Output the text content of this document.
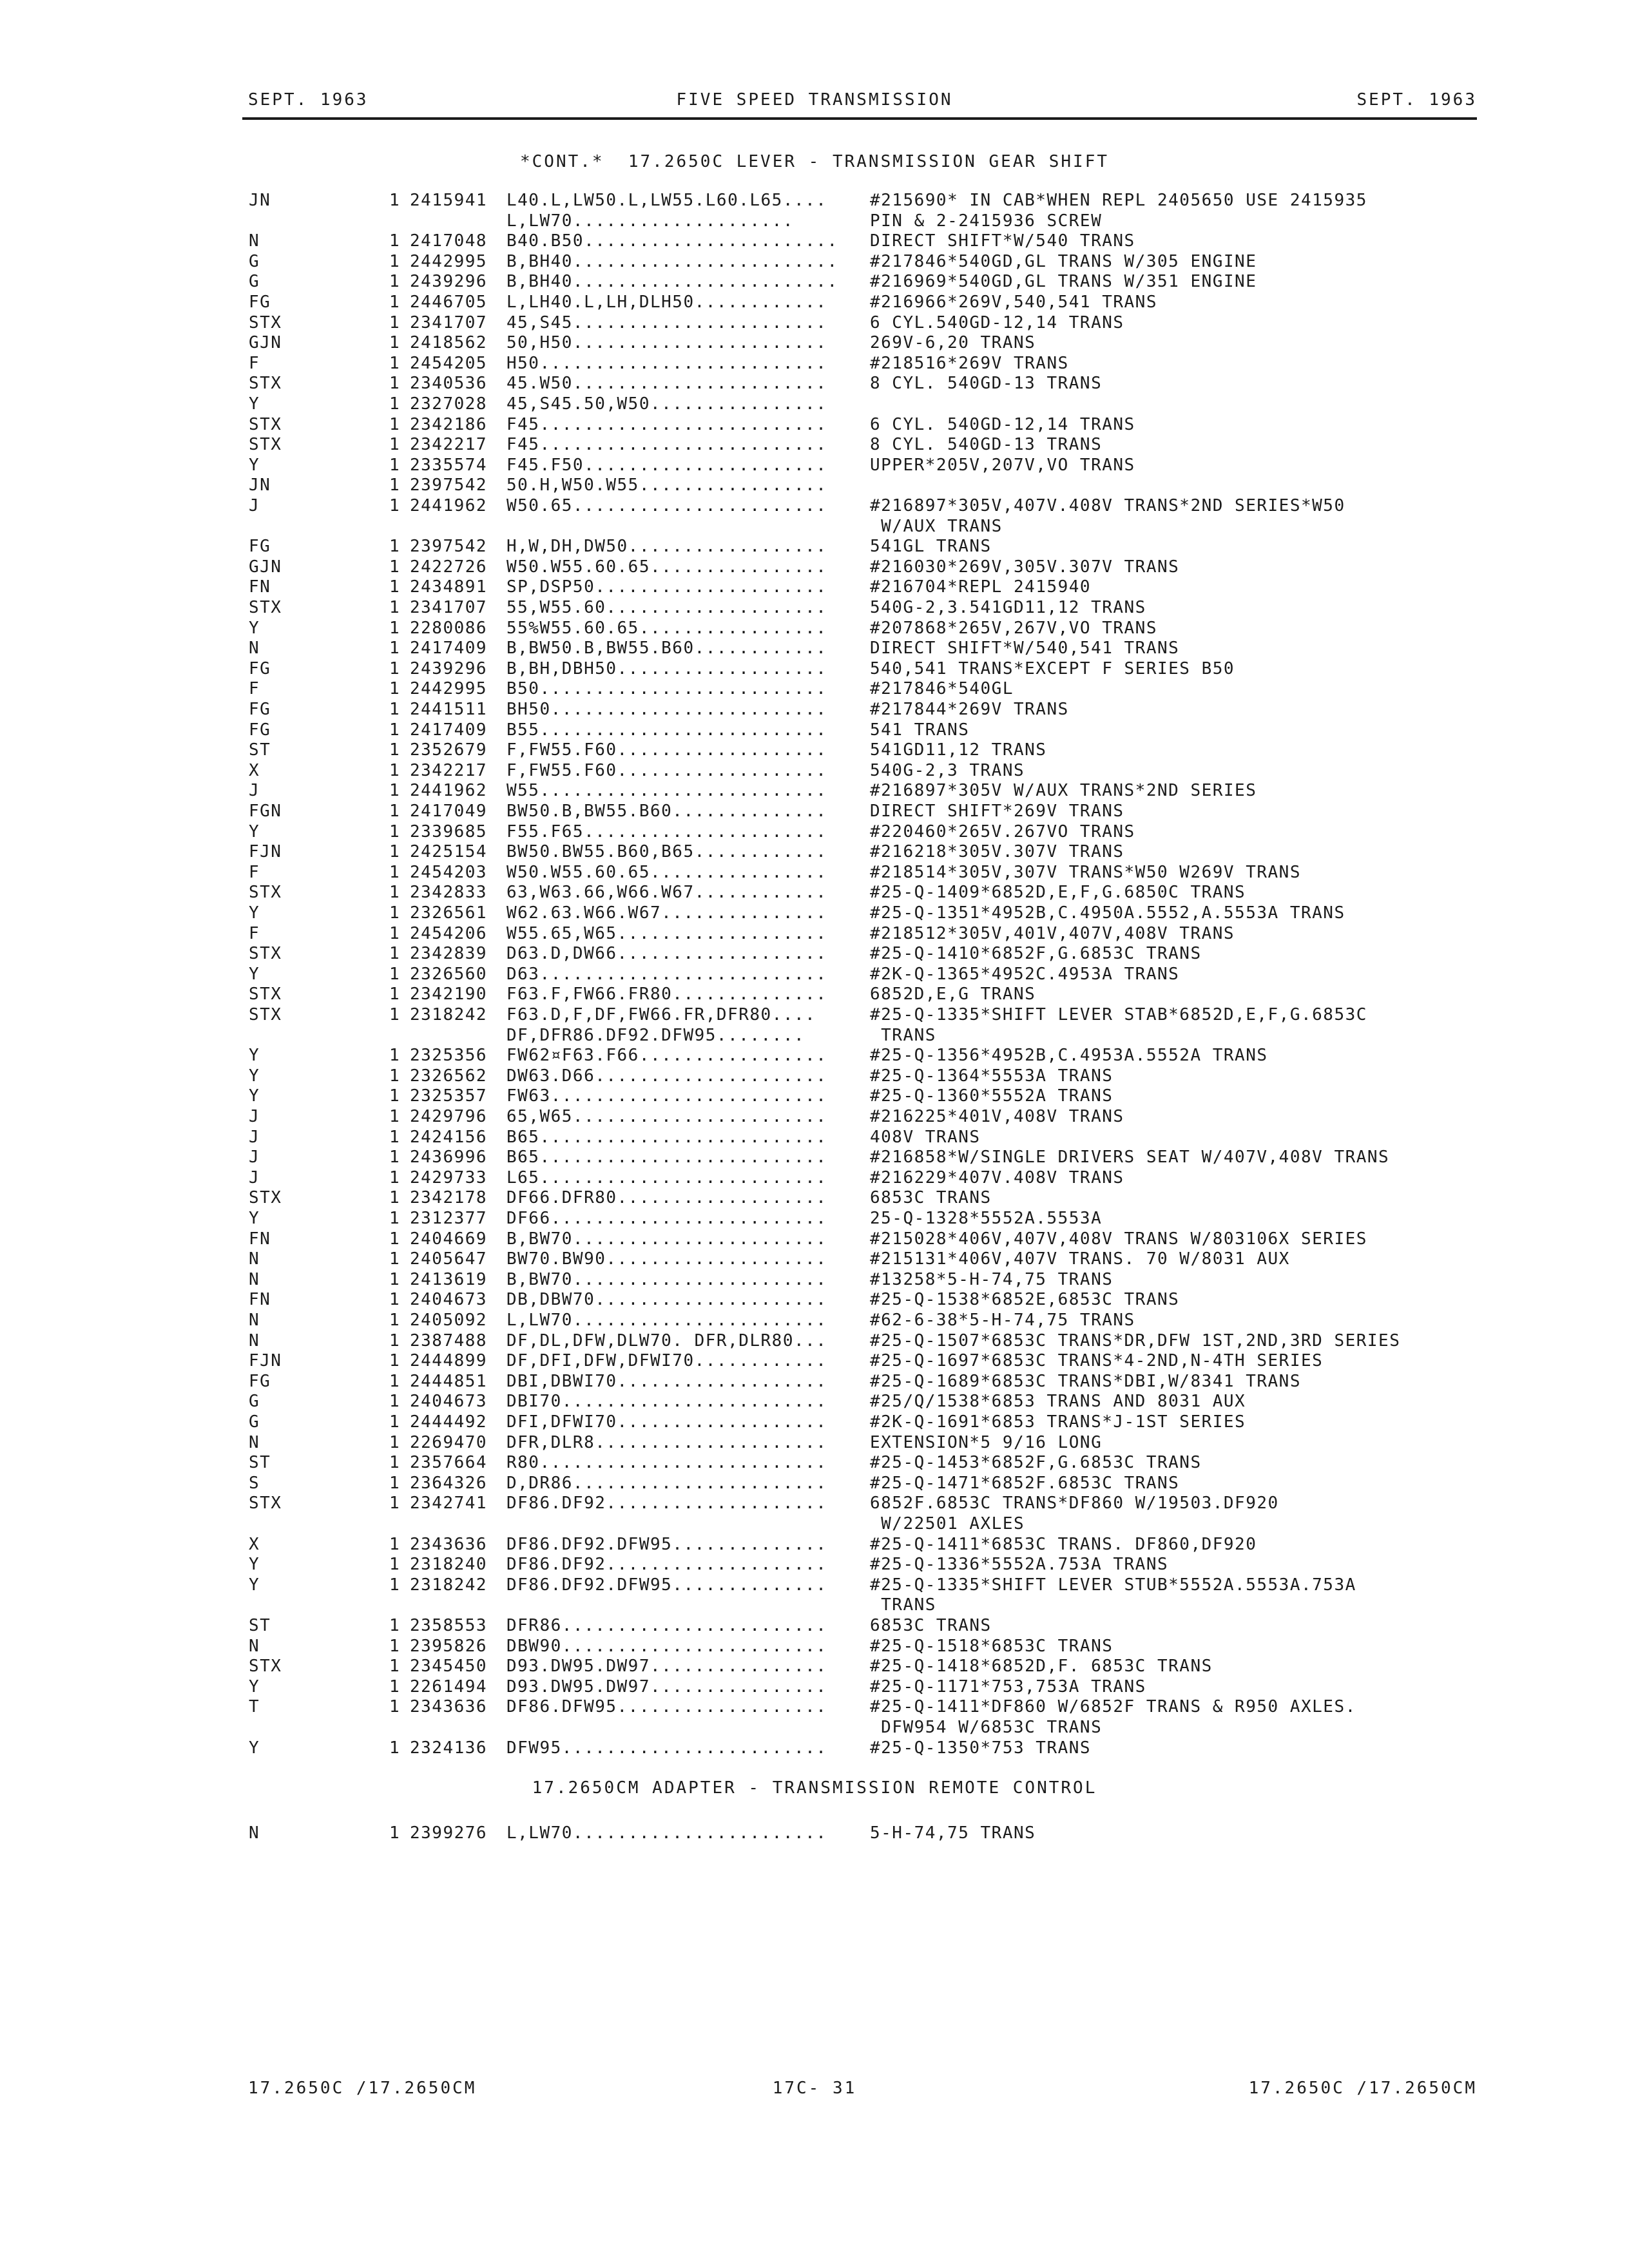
SEPT. 1963	FIVE SPEED TRANSMISSION	SEPT. 1963
*CONT.*  17.2650C LEVER - TRANSMISSION GEAR SHIFT
JN	1 2415941 L40.L,LW50.L,LW55.L60.L65....	#215690* IN CAB*WHEN REPL 2405650 USE 2415935
L,LW70....................	PIN & 2-2415936 SCREW
N	1 2417048 B40.B50....................... DIRECT SHIFT*W/540 TRANS
G	1 2442995 B,BH40........................ #217846*540GD,GL TRANS W/305 ENGINE
G	1 2439296 B,BH40........................ #216969*540GD,GL TRANS W/351 ENGINE
FG	1 2446705 L,LH40.L,LH,DLH50............	#216966*269V,540,541 TRANS
STX	1 2341707 45,S45.......................	6 CYL.540GD-12,14 TRANS
GJN	1 2418562 50,H50.......................	269V-6,20 TRANS
F	1 2454205 H50..........................	#218516*269V TRANS
STX	1 2340536 45.W50.......................	8 CYL. 540GD-13 TRANS
Y	1 2327028 45,S45.50,W50................
STX	1 2342186 F45..........................	6 CYL. 540GD-12,14 TRANS
STX	1 2342217 F45..........................	8 CYL. 540GD-13 TRANS
Y	1 2335574 F45.F50......................	UPPER*205V,207V,VO TRANS
JN	1 2397542 50.H,W50.W55.................
J	1 2441962 W50.65.......................	#216897*305V,407V.408V TRANS*2ND SERIES*W50
W/AUX TRANS
FG	1 2397542 H,W,DH,DW50..................	541GL TRANS
GJN	1 2422726 W50.W55.60.65................	#216030*269V,305V.307V TRANS
FN	1 2434891 SP,DSP50.....................	#216704*REPL 2415940
STX	1 2341707 55,W55.60....................	540G-2,3.541GD11,12 TRANS
Y	1 2280086 55%W55.60.65.................	#207868*265V,267V,VO TRANS
N	1 2417409 B,BW50.B,BW55.B60............	DIRECT SHIFT*W/540,541 TRANS
FG	1 2439296 B,BH,DBH50...................	540,541 TRANS*EXCEPT F SERIES B50
F	1 2442995 B50..........................	#217846*540GL
FG	1 2441511 BH50.........................	#217844*269V TRANS
FG	1 2417409 B55..........................	541 TRANS
ST	1 2352679 F,FW55.F60...................	541GD11,12 TRANS
X	1 2342217 F,FW55.F60...................	540G-2,3 TRANS
J	1 2441962 W55..........................	#216897*305V W/AUX TRANS*2ND SERIES
FGN	1 2417049 BW50.B,BW55.B60..............	DIRECT SHIFT*269V TRANS
Y	1 2339685 F55.F65......................	#220460*265V.267VO TRANS
FJN	1 2425154 BW50.BW55.B60,B65............	#216218*305V.307V TRANS
F	1 2454203 W50.W55.60.65................	#218514*305V,307V TRANS*W50 W269V TRANS
STX	1 2342833 63,W63.66,W66.W67............	#25-Q-1409*6852D,E,F,G.6850C TRANS
Y	1 2326561 W62.63.W66.W67...............	#25-Q-1351*4952B,C.4950A.5552,A.5553A TRANS
F	1 2454206 W55.65,W65...................	#218512*305V,401V,407V,408V TRANS
STX	1 2342839 D63.D,DW66...................	#25-Q-1410*6852F,G.6853C TRANS
Y	1 2326560 D63..........................	#2K-Q-1365*4952C.4953A TRANS
STX	1 2342190 F63.F,FW66.FR80..............	6852D,E,G TRANS
STX	1 2318242 F63.D,F,DF,FW66.FR,DFR80....	#25-Q-1335*SHIFT LEVER STAB*6852D,E,F,G.6853C
DF,DFR86.DF92.DFW95........	TRANS
Y	1 2325356 FW62¤F63.F66.................	#25-Q-1356*4952B,C.4953A.5552A TRANS
Y	1 2326562 DW63.D66.....................	#25-Q-1364*5553A TRANS
Y	1 2325357 FW63.........................	#25-Q-1360*5552A TRANS
J	1 2429796 65,W65.......................	#216225*401V,408V TRANS
J	1 2424156 B65..........................	408V TRANS
J	1 2436996 B65..........................	#216858*W/SINGLE DRIVERS SEAT W/407V,408V TRANS
J	1 2429733 L65..........................	#216229*407V.408V TRANS
STX	1 2342178 DF66.DFR80...................	6853C TRANS
Y	1 2312377 DF66.........................	25-Q-1328*5552A.5553A
FN	1 2404669 B,BW70.......................	#215028*406V,407V,408V TRANS W/803106X SERIES
N	1 2405647 BW70.BW90....................	#215131*406V,407V TRANS. 70 W/8031 AUX
N	1 2413619 B,BW70.......................	#13258*5-H-74,75 TRANS
FN	1 2404673 DB,DBW70.....................	#25-Q-1538*6852E,6853C TRANS
N	1 2405092 L,LW70.......................	#62-6-38*5-H-74,75 TRANS
N	1 2387488 DF,DL,DFW,DLW70. DFR,DLR80...	#25-Q-1507*6853C TRANS*DR,DFW 1ST,2ND,3RD SERIES
FJN	1 2444899 DF,DFI,DFW,DFWI70............	#25-Q-1697*6853C TRANS*4-2ND,N-4TH SERIES
FG	1 2444851 DBI,DBWI70...................	#25-Q-1689*6853C TRANS*DBI,W/8341 TRANS
G	1 2404673 DBI70........................	#25/Q/1538*6853 TRANS AND 8031 AUX
G	1 2444492 DFI,DFWI70...................	#2K-Q-1691*6853 TRANS*J-1ST SERIES
N	1 2269470 DFR,DLR8.....................	EXTENSION*5 9/16 LONG
ST	1 2357664 R80..........................	#25-Q-1453*6852F,G.6853C TRANS
S	1 2364326 D,DR86.......................	#25-Q-1471*6852F.6853C TRANS
STX	1 2342741 DF86.DF92....................	6852F.6853C TRANS*DF860 W/19503.DF920
W/22501 AXLES
X	1 2343636 DF86.DF92.DFW95..............	#25-Q-1411*6853C TRANS. DF860,DF920
Y	1 2318240 DF86.DF92....................	#25-Q-1336*5552A.753A TRANS
Y	1 2318242 DF86.DF92.DFW95..............	#25-Q-1335*SHIFT LEVER STUB*5552A.5553A.753A
TRANS
ST	1 2358553 DFR86........................	6853C TRANS
N	1 2395826 DBW90........................	#25-Q-1518*6853C TRANS
STX	1 2345450 D93.DW95.DW97................	#25-Q-1418*6852D,F. 6853C TRANS
Y	1 2261494 D93.DW95.DW97................	#25-Q-1171*753,753A TRANS
T	1 2343636 DF86.DFW95...................	#25-Q-1411*DF860 W/6852F TRANS & R950 AXLES.
DFW954 W/6853C TRANS
Y	1 2324136 DFW95........................	#25-Q-1350*753 TRANS
17.2650CM ADAPTER - TRANSMISSION REMOTE CONTROL
N	1 2399276 L,LW70.......................	5-H-74,75 TRANS
17.2650C /17.2650CM	17C- 31	17.2650C /17.2650CM
